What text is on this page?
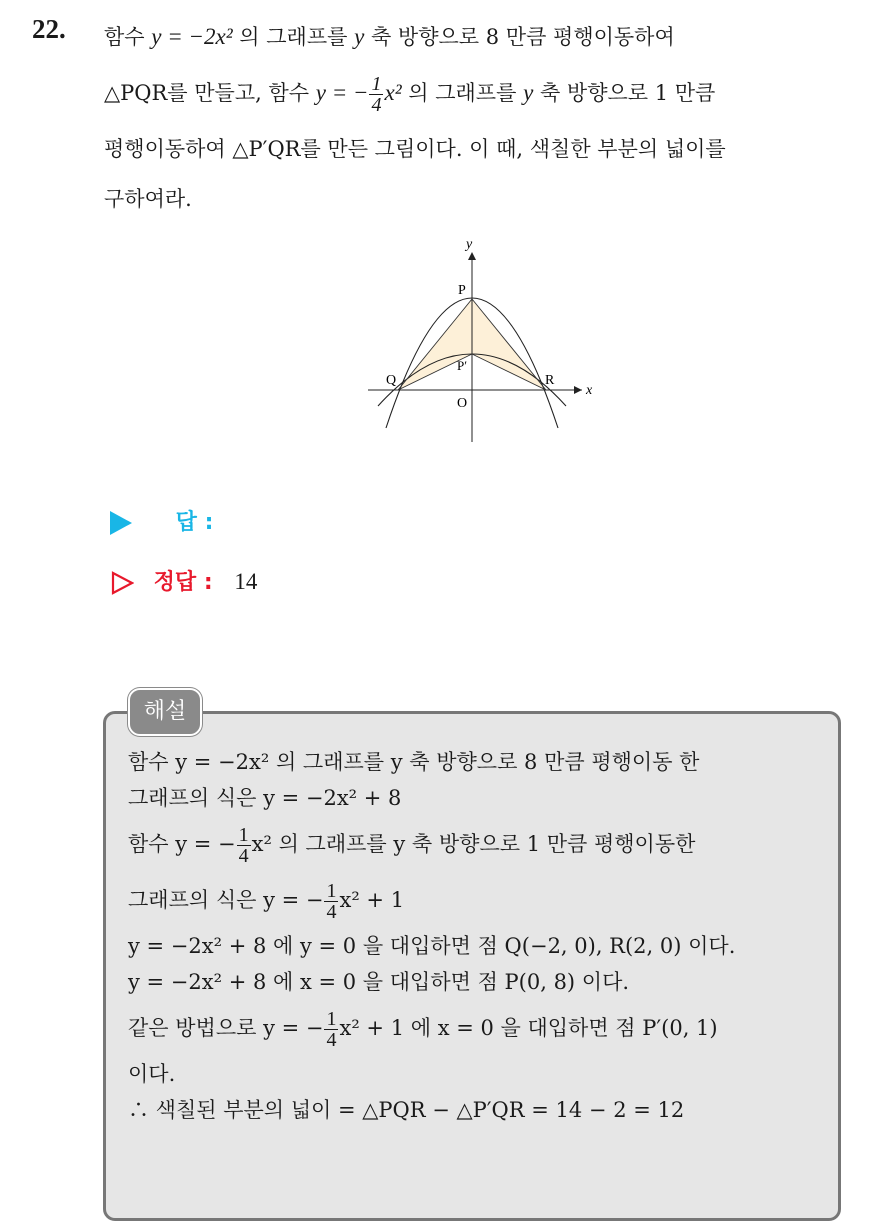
22. 함수 y = −2x² 의 그래프를 y 축 방향으로 8 만큼 평행이동하여
△PQR를 만들고, 함수 y = − $\frac{1}{4} x^2$ 의 그래프를 y 축 방향으로 1 만큼
평행이동하여 △P′QR를 만든 그림이다. 이 때, 색칠한 부분의 넓이를
구하여라.
y
x
P
P′
Q	R
O
답 :
정답 : 14
해설
함수 y = −2x² 의 그래프를 y 축 방향으로 8 만큼 평행이동 한
그래프의 식은 y = −2x² + 8
함수 y = − $\frac{1}{4} x^2$ 의 그래프를 y 축 방향으로 1 만큼 평행이동한
그래프의 식은 y = − $\frac{1}{4} x^2 + 1$
y = −2x² + 8 에 y = 0 을 대입하면 점 Q(−2, 0), R(2, 0) 이다.
y = −2x² + 8 에 x = 0 을 대입하면 점 P(0, 8) 이다.
같은 방법으로 y = − $\frac{1}{4} x^2 + 1$ 에 x = 0 을 대입하면 점 P′(0, 1)
이다.
∴ 색칠된 부분의 넓이 = △PQR − △P′QR = 14 − 2 = 12
